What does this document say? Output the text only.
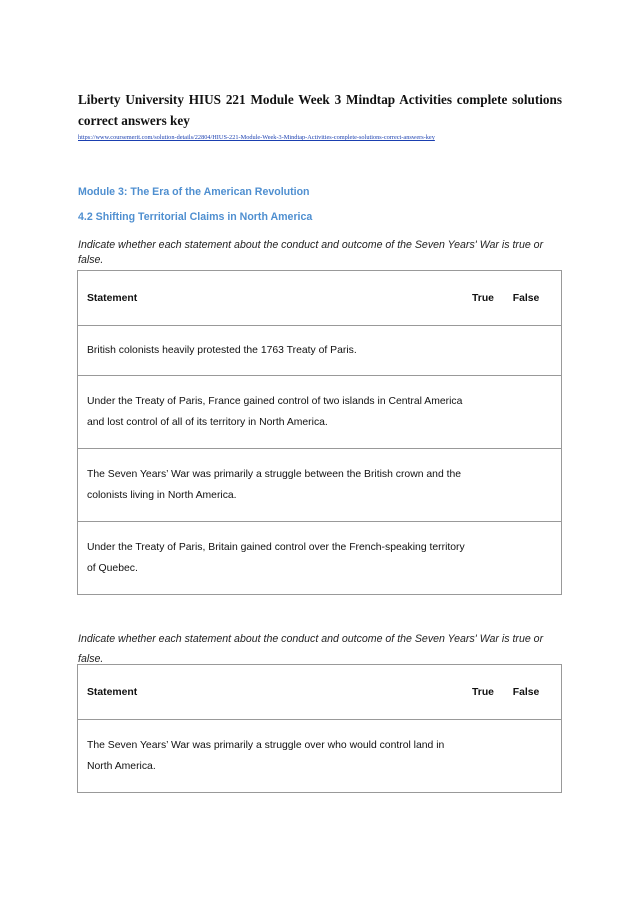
Liberty University HIUS 221 Module Week 3 Mindtap Activities complete solutions correct answers key
https://www.coursemerit.com/solution-details/22804/HIUS-221-Module-Week-3-Mindtap-Activities-complete-solutions-correct-answers-key
Module 3: The Era of the American Revolution
4.2 Shifting Territorial Claims in North America
Indicate whether each statement about the conduct and outcome of the Seven Years' War is true or false.
Statement	True	False

British colonists heavily protested the 1763 Treaty of Paris.		

Under the Treaty of Paris, France gained control of two islands in Central America and lost control of all of its territory in North America.		

The Seven Years’ War was primarily a struggle between the British crown and the colonists living in North America.		

Under the Treaty of Paris, Britain gained control over the French-speaking territory of Quebec.		

Indicate whether each statement about the conduct and outcome of the Seven Years' War is true or false.
Statement	True	False

The Seven Years’ War was primarily a struggle over who would control land in North America.		
